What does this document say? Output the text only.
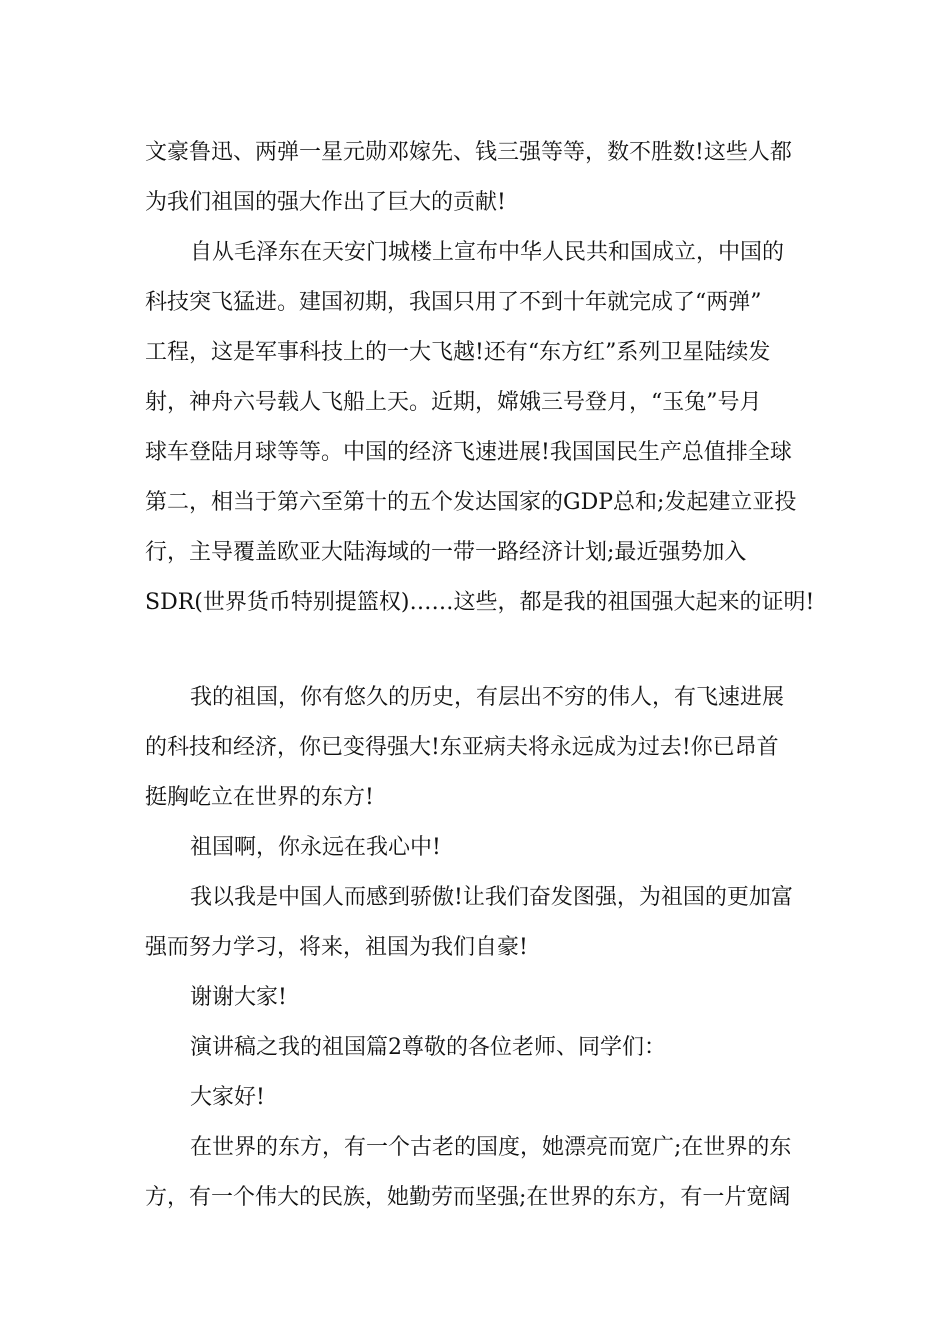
文豪鲁迅、两弹一星元勋邓嫁先、钱三强等等，数不胜数!这些人都
为我们祖国的强大作出了巨大的贡献!
自从毛泽东在天安门城楼上宣布中华人民共和国成立，中国的
科技突飞猛进。建国初期，我国只用了不到十年就完成了“两弹”
工程，这是军事科技上的一大飞越!还有“东方红”系列卫星陆续发
射，神舟六号载人飞船上天。近期，嫦娥三号登月，“玉兔”号月
球车登陆月球等等。中国的经济飞速进展!我国国民生产总值排全球
第二，相当于第六至第十的五个发达国家的GDP总和;发起建立亚投
行，主导覆盖欧亚大陆海域的一带一路经济计划;最近强势加入
SDR(世界货币特别提篮权)……这些，都是我的祖国强大起来的证明!
我的祖国，你有悠久的历史，有层出不穷的伟人，有飞速进展
的科技和经济，你已变得强大!东亚病夫将永远成为过去!你已昂首
挺胸屹立在世界的东方!
祖国啊，你永远在我心中!
我以我是中国人而感到骄傲!让我们奋发图强，为祖国的更加富
强而努力学习，将来，祖国为我们自豪!
谢谢大家!
演讲稿之我的祖国篇2尊敬的各位老师、同学们：
大家好!
在世界的东方，有一个古老的国度，她漂亮而宽广;在世界的东
方，有一个伟大的民族，她勤劳而坚强;在世界的东方，有一片宽阔
